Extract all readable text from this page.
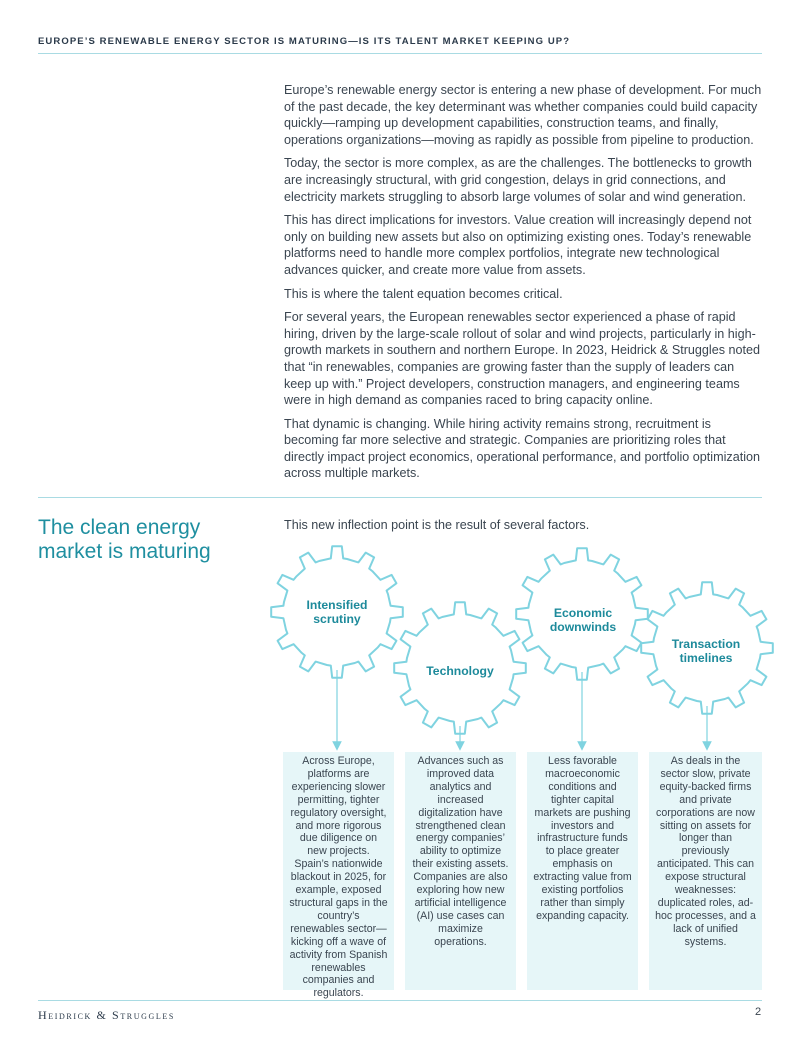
EUROPE’S RENEWABLE ENERGY SECTOR IS MATURING—IS ITS TALENT MARKET KEEPING UP?

Europe’s renewable energy sector is entering a new phase of development. For much of the past decade, the key determinant was whether companies could build capacity quickly—ramping up development capabilities, construction teams, and finally, operations organizations—moving as rapidly as possible from pipeline to production.

Today, the sector is more complex, as are the challenges. The bottlenecks to growth are increasingly structural, with grid congestion, delays in grid connections, and electricity markets struggling to absorb large volumes of solar and wind generation.

This has direct implications for investors. Value creation will increasingly depend not only on building new assets but also on optimizing existing ones. Today’s renewable platforms need to handle more complex portfolios, integrate new technological advances quicker, and create more value from assets.

This is where the talent equation becomes critical.

For several years, the European renewables sector experienced a phase of rapid hiring, driven by the large-scale rollout of solar and wind projects, particularly in high-growth markets in southern and northern Europe. In 2023, Heidrick & Struggles noted that “in renewables, companies are growing faster than the supply of leaders can keep up with.” Project developers, construction managers, and engineering teams were in high demand as companies raced to bring capacity online.

That dynamic is changing. While hiring activity remains strong, recruitment is becoming far more selective and strategic. Companies are prioritizing roles that directly impact project economics, operational performance, and portfolio optimization across multiple markets.

The clean energy market is maturing
This new inflection point is the result of several factors.
Intensified scrutiny
Technology
Economic downwinds
Transaction timelines
Across Europe, platforms are experiencing slower permitting, tighter regulatory oversight, and more rigorous due diligence on new projects. Spain’s nationwide blackout in 2025, for example, exposed structural gaps in the country’s renewables sector—kicking off a wave of activity from Spanish renewables companies and regulators.
Advances such as improved data analytics and increased digitalization have strengthened clean energy companies’ ability to optimize their existing assets. Companies are also exploring how new artificial intelligence (AI) use cases can maximize operations.
Less favorable macroeconomic conditions and tighter capital markets are pushing investors and infrastructure funds to place greater emphasis on extracting value from existing portfolios rather than simply expanding capacity.
As deals in the sector slow, private equity-backed firms and private corporations are now sitting on assets for longer than previously anticipated. This can expose structural weaknesses: duplicated roles, ad-hoc processes, and a lack of unified systems.
Heidrick & Struggles	2
